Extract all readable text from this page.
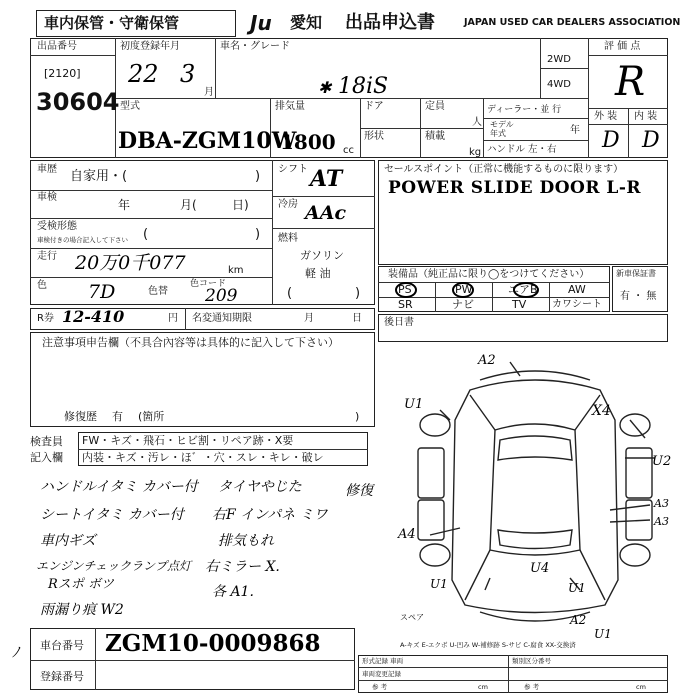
車内保管・守衛保管	Ju 愛知 出品申込書	JAPAN USED CAR DEALERS ASSOCIATION
出品番号
[2120]
30604
初度登録年月
22 3
月
車名・グレード
✱ 18iS
2WD
4WD
評 価 点
R
外 装 内 装
D D
型式
DBA-ZGM10W
排気量
1800 cc
ドア
形状
定員
人
積載
kg
ディーラー・並 行
モデル
年式	年
ハンドル 左・右
車歴 自家用・(	)
車検
年	月(	日)
受検形態
車検付きの場合記入して下さい (	)
走行 20万0千077	km
色 7D	色替
色コード
209
シフト AT
冷房 AAc
燃料
ガソリン
軽 油
(	)
セールスポイント（正常に機能するものに限ります）
POWER SLIDE DOOR L-R
装備品（純正品に限り◯をつけてください）
PS	PW	エアB	AW
SR	ナビ	TV	カワシート
新車保証書
有 ・ 無
R券 12-410	円 名変通知期限	月	日 後日書
注意事項申告欄（不具合內容等は具体的に記入して下さい）
修復歴 有 (箇所	)
検査員
記入欄
FW・キズ・飛石・ヒビ割・リペア跡・X要
内装・キズ・汚レ・ほ゛・穴・スレ・キレ・破レ
ハンドルイタミ カバー付
シートイタミ カバー付
車内ギズ
エンジンチェックランプ点灯
Rスポ ボツ
雨漏り痕 W2
タイヤやじた
右F インパネ ミワ
排気もれ
右ミラー X.
各 A1.
修復
A2
U1	X4
U2
A3
A3
A4
U1	U1
U4
A2
U1
スペア
A-キズ E-エクボ U-凹み W-補修跡 S-サビ C-腐食 XX-交換済
車台番号 ZGM10-0009868
登録番号
ﾉ	形式記録 車両
車両変更記録
参 考	cm
類別区分番号
参 考	cm
